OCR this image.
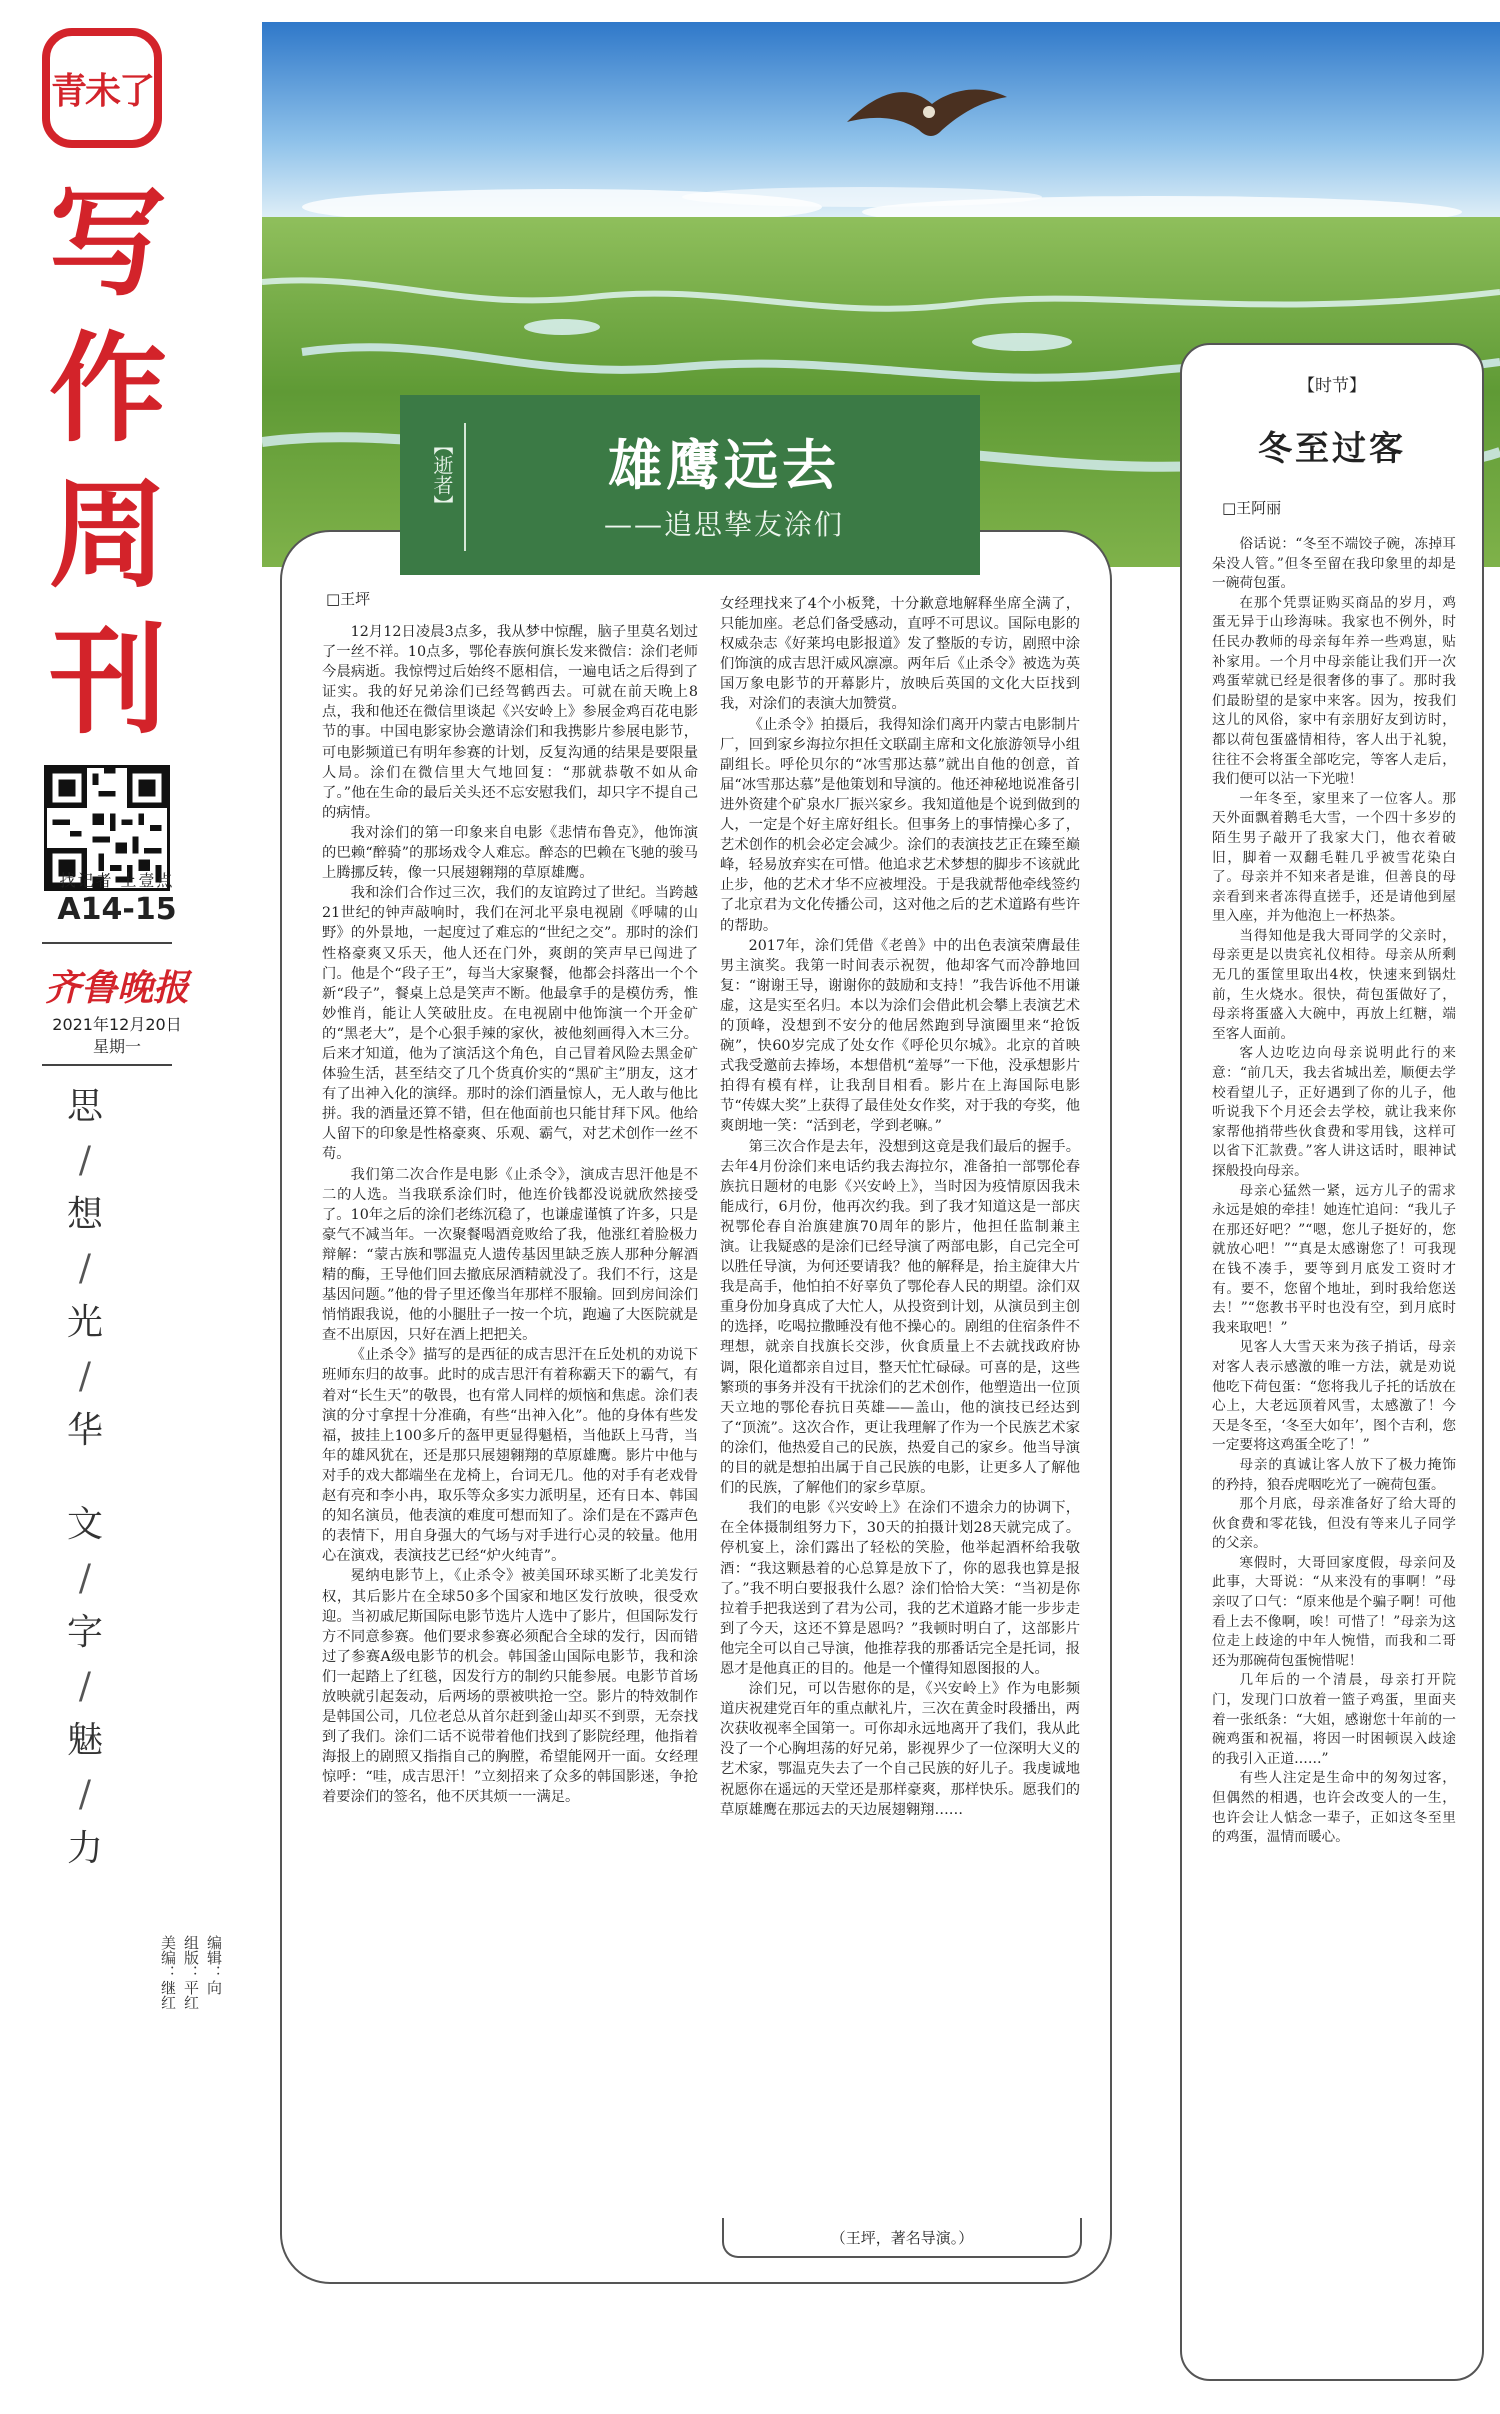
青未了
写作周刊
找记者 上壹点
A14-15
齐鲁晚报
2021年12月20日
星期一
思
/
想
/
光
/
华
文
/
字
/
魅
/
力
美编：继红 组版：平红 编辑：向
□王坪

12月12日凌晨3点多，我从梦中惊醒，脑子里莫名划过了一丝不祥。10点多，鄂伦春族何旗长发来微信：涂们老师今晨病逝。我惊愕过后始终不愿相信，一遍电话之后得到了证实。我的好兄弟涂们已经驾鹤西去。可就在前天晚上8点，我和他还在微信里谈起《兴安岭上》参展金鸡百花电影节的事。中国电影家协会邀请涂们和我携影片参展电影节，可电影频道已有明年参赛的计划，反复沟通的结果是要限量人局。涂们在微信里大气地回复：“那就恭敬不如从命了。”他在生命的最后关头还不忘安慰我们，却只字不提自己的病情。

我对涂们的第一印象来自电影《悲情布鲁克》，他饰演的巴赖“醉骑”的那场戏令人难忘。醉态的巴赖在飞驰的骏马上腾挪反转，像一只展翅翱翔的草原雄鹰。

我和涂们合作过三次，我们的友谊跨过了世纪。当跨越21世纪的钟声敲响时，我们在河北平泉电视剧《呼啸的山野》的外景地，一起度过了难忘的“世纪之交”。那时的涂们性格豪爽又乐天，他人还在门外，爽朗的笑声早已闯进了门。他是个“段子王”，每当大家聚餐，他都会抖落出一个个新“段子”，餐桌上总是笑声不断。他最拿手的是模仿秀，惟妙惟肖，能让人笑破肚皮。在电视剧中他饰演一个开金矿的“黑老大”，是个心狠手辣的家伙，被他刻画得入木三分。后来才知道，他为了演活这个角色，自己冒着风险去黑金矿体验生活，甚至结交了几个货真价实的“黑矿主”朋友，这才有了出神入化的演绎。那时的涂们酒量惊人，无人敢与他比拼。我的酒量还算不错，但在他面前也只能甘拜下风。他给人留下的印象是性格豪爽、乐观、霸气，对艺术创作一丝不苟。

我们第二次合作是电影《止杀令》，演成吉思汗他是不二的人选。当我联系涂们时，他连价钱都没说就欣然接受了。10年之后的涂们老练沉稳了，也谦虚谨慎了许多，只是豪气不减当年。一次聚餐喝酒竟败给了我，他涨红着脸极力辩解：“蒙古族和鄂温克人遗传基因里缺乏族人那种分解酒精的酶，王导他们回去撤底尿酒精就没了。我们不行，这是基因问题。”他的骨子里还像当年那样不服输。回到房间涂们悄悄跟我说，他的小腿肚子一按一个坑，跑遍了大医院就是查不出原因，只好在酒上把把关。

《止杀令》描写的是西征的成吉思汗在丘处机的劝说下班师东归的故事。此时的成吉思汗有着称霸天下的霸气，有着对“长生天”的敬畏，也有常人同样的烦恼和焦虑。涂们表演的分寸拿捏十分准确，有些“出神入化”。他的身体有些发福，披挂上100多斤的盔甲更显得魁梧，当他跃上马背，当年的雄风犹在，还是那只展翅翱翔的草原雄鹰。影片中他与对手的戏大都端坐在龙椅上，台词无几。他的对手有老戏骨赵有亮和李小冉，取乐等众多实力派明星，还有日本、韩国的知名演员，他表演的难度可想而知了。涂们是在不露声色的表情下，用自身强大的气场与对手进行心灵的较量。他用心在演戏，表演技艺已经“炉火纯青”。

冕纳电影节上，《止杀令》被美国环球买断了北美发行权，其后影片在全球50多个国家和地区发行放映，很受欢迎。当初戚尼斯国际电影节选片人选中了影片，但国际发行方不同意参赛。他们要求参赛必须配合全球的发行，因而错过了参赛A级电影节的机会。韩国釜山国际电影节，我和涂们一起踏上了红毯，因发行方的制约只能参展。电影节首场放映就引起轰动，后两场的票被哄抢一空。影片的特效制作是韩国公司，几位老总从首尔赶到釜山却买不到票，无奈找到了我们。涂们二话不说带着他们找到了影院经理，他指着海报上的剧照又指指自己的胸膛，希望能网开一面。女经理惊呼：“哇，成吉思汗！”立刻招来了众多的韩国影迷，争抢着要涂们的签名，他不厌其烦一一满足。

女经理找来了4个小板凳，十分歉意地解释坐席全满了，只能加座。老总们备受感动，直呼不可思议。国际电影的权威杂志《好莱坞电影报道》发了整版的专访，剧照中涂们饰演的成吉思汗威风凛凛。两年后《止杀令》被选为英国万象电影节的开幕影片，放映后英国的文化大臣找到我，对涂们的表演大加赞赏。

《止杀令》拍摄后，我得知涂们离开内蒙古电影制片厂，回到家乡海拉尔担任文联副主席和文化旅游领导小组副组长。呼伦贝尔的“冰雪那达慕”就出自他的创意，首届“冰雪那达慕”是他策划和导演的。他还神秘地说准备引进外资建个矿泉水厂振兴家乡。我知道他是个说到做到的人，一定是个好主席好组长。但事务上的事情操心多了，艺术创作的机会必定会减少。涂们的表演技艺正在臻至巅峰，轻易放弃实在可惜。他追求艺术梦想的脚步不该就此止步，他的艺术才华不应被埋没。于是我就帮他牵线签约了北京君为文化传播公司，这对他之后的艺术道路有些许的帮助。

2017年，涂们凭借《老兽》中的出色表演荣膺最佳男主演奖。我第一时间表示祝贺，他却客气而冷静地回复：“谢谢王导，谢谢你的鼓励和支持！”我告诉他不用谦虚，这是实至名归。本以为涂们会借此机会攀上表演艺术的顶峰，没想到不安分的他居然跑到导演圈里来“抢饭碗”，快60岁完成了处女作《呼伦贝尔城》。北京的首映式我受邀前去捧场，本想借机“羞辱”一下他，没承想影片拍得有模有样，让我刮目相看。影片在上海国际电影节“传媒大奖”上获得了最佳处女作奖，对于我的夸奖，他爽朗地一笑：“活到老，学到老嘛。”

第三次合作是去年，没想到这竟是我们最后的握手。去年4月份涂们来电话约我去海拉尔，准备拍一部鄂伦春族抗日题材的电影《兴安岭上》，当时因为疫情原因我未能成行，6月份，他再次约我。到了我才知道这是一部庆祝鄂伦春自治旗建旗70周年的影片，他担任监制兼主演。让我疑惑的是涂们已经导演了两部电影，自己完全可以胜任导演，为何还要请我？他的解释是，抬主旋律大片我是高手，他怕拍不好辜负了鄂伦春人民的期望。涂们双重身份加身真成了大忙人，从投资到计划，从演员到主创的选择，吃喝拉撒睡没有他不操心的。剧组的住宿条件不理想，就亲自找旗长交涉，伙食质量上不去就找政府协调，限化道都亲自过目，整天忙忙碌碌。可喜的是，这些繁琐的事务并没有干扰涂们的艺术创作，他塑造出一位顶天立地的鄂伦春抗日英雄——盖山，他的演技已经达到了“顶流”。这次合作，更让我理解了作为一个民族艺术家的涂们，他热爱自己的民族，热爱自己的家乡。他当导演的目的就是想拍出属于自己民族的电影，让更多人了解他们的民族，了解他们的家乡草原。

我们的电影《兴安岭上》在涂们不遗余力的协调下，在全体摄制组努力下，30天的拍摄计划28天就完成了。停机宴上，涂们露出了轻松的笑脸，他举起酒杯给我敬酒：“我这颗悬着的心总算是放下了，你的恩我也算是报了。”我不明白要报我什么恩？涂们恰恰大笑：“当初是你拉着手把我送到了君为公司，我的艺术道路才能一步步走到了今天，这还不算是恩吗？”我顿时明白了，这部影片他完全可以自己导演，他推荐我的那番话完全是托词，报恩才是他真正的目的。他是一个懂得知恩图报的人。

涂们兄，可以告慰你的是，《兴安岭上》作为电影频道庆祝建党百年的重点献礼片，三次在黄金时段播出，两次获收视率全国第一。可你却永远地离开了我们，我从此没了一个心胸坦荡的好兄弟，影视界少了一位深明大义的艺术家，鄂温克失去了一个自己民族的好儿子。我虔诚地祝愿你在遥远的天堂还是那样豪爽，那样快乐。愿我们的草原雄鹰在那远去的天边展翅翱翔……

（王坪，著名导演。）
【逝者】	雄鹰远去
——追思挚友涂们
【时节】
冬至过客
□王阿丽

俗话说：“冬至不端饺子碗，冻掉耳朵没人管。”但冬至留在我印象里的却是一碗荷包蛋。

在那个凭票证购买商品的岁月，鸡蛋无异于山珍海味。我家也不例外，时任民办教师的母亲每年养一些鸡崽，贴补家用。一个月中母亲能让我们开一次鸡蛋荤就已经是很奢侈的事了。那时我们最盼望的是家中来客。因为，按我们这儿的风俗，家中有亲朋好友到访时，都以荷包蛋盛情相待，客人出于礼貌，往往不会将蛋全部吃完，等客人走后，我们便可以沾一下光啦！

一年冬至，家里来了一位客人。那天外面飘着鹅毛大雪，一个四十多岁的陌生男子敲开了我家大门，他衣着破旧，脚着一双翻毛鞋几乎被雪花染白了。母亲并不知来者是谁，但善良的母亲看到来者冻得直搓手，还是请他到屋里入座，并为他泡上一杯热茶。

当得知他是我大哥同学的父亲时，母亲更是以贵宾礼仪相待。母亲从所剩无几的蛋筐里取出4枚，快速来到锅灶前，生火烧水。很快，荷包蛋做好了，母亲将蛋盛入大碗中，再放上红糖，端至客人面前。

客人边吃边向母亲说明此行的来意：“前几天，我去省城出差，顺便去学校看望儿子，正好遇到了你的儿子，他听说我下个月还会去学校，就让我来你家帮他捎带些伙食费和零用钱，这样可以省下汇款费。”客人讲这话时，眼神试探般投向母亲。

母亲心猛然一紧，远方儿子的需求永远是娘的牵挂！她连忙追问：“我儿子在那还好吧？”“嗯，您儿子挺好的，您就放心吧！”“真是太感谢您了！可我现在钱不凑手，要等到月底发工资时才有。要不，您留个地址，到时我给您送去！”“您教书平时也没有空，到月底时我来取吧！”

见客人大雪天来为孩子捎话，母亲对客人表示感激的唯一方法，就是劝说他吃下荷包蛋：“您将我儿子托的话放在心上，大老远顶着风雪，太感激了！今天是冬至，‘冬至大如年’，图个吉利，您一定要将这鸡蛋全吃了！”

母亲的真诚让客人放下了极力掩饰的矜持，狼吞虎咽吃光了一碗荷包蛋。

那个月底，母亲准备好了给大哥的伙食费和零花钱，但没有等来儿子同学的父亲。

寒假时，大哥回家度假，母亲问及此事，大哥说：“从来没有的事啊！”母亲叹了口气：“原来他是个骗子啊！可他看上去不像啊，唉！可惜了！”母亲为这位走上歧途的中年人惋惜，而我和二哥还为那碗荷包蛋惋惜呢！

几年后的一个清晨，母亲打开院门，发现门口放着一篮子鸡蛋，里面夹着一张纸条：“大姐，感谢您十年前的一碗鸡蛋和祝福，将因一时困顿误入歧途的我引入正道……”

有些人注定是生命中的匆匆过客，但偶然的相遇，也许会改变人的一生，也许会让人惦念一辈子，正如这冬至里的鸡蛋，温情而暖心。
